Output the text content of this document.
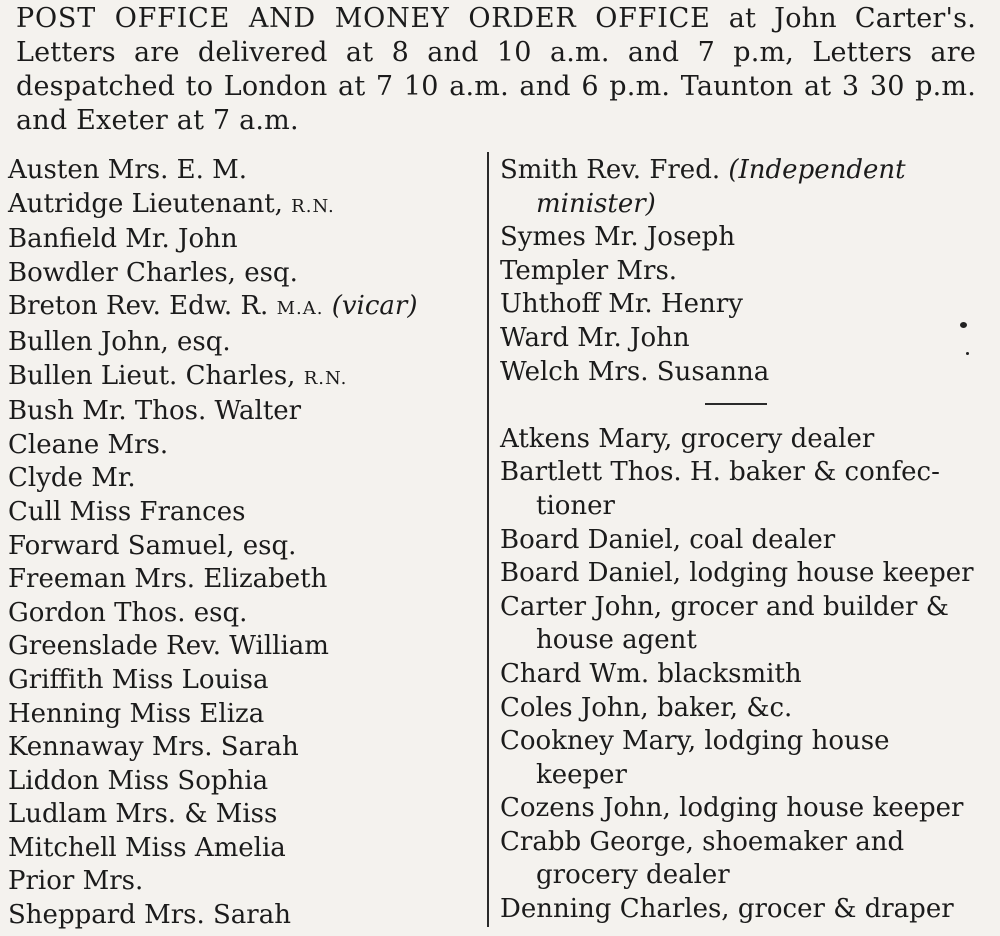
POST OFFICE AND MONEY ORDER OFFICE at John Carter's. Letters are delivered at 8 and 10 a.m. and 7 p.m, Letters are despatched to London at 7 10 a.m. and 6 p.m. Taunton at 3 30 p.m. and Exeter at 7 a.m.
Austen Mrs. E. M.
Autridge Lieutenant, R.N.
Banfield Mr. John
Bowdler Charles, esq.
Breton Rev. Edw. R. M.A. (vicar)
Bullen John, esq.
Bullen Lieut. Charles, R.N.
Bush Mr. Thos. Walter
Cleane Mrs.
Clyde Mr.
Cull Miss Frances
Forward Samuel, esq.
Freeman Mrs. Elizabeth
Gordon Thos. esq.
Greenslade Rev. William
Griffith Miss Louisa
Henning Miss Eliza
Kennaway Mrs. Sarah
Liddon Miss Sophia
Ludlam Mrs. & Miss
Mitchell Miss Amelia
Prior Mrs.
Sheppard Mrs. Sarah
Smith Rev. Fred. (Independent
minister)
Symes Mr. Joseph
Templer Mrs.
Uhthoff Mr. Henry
Ward Mr. John
Welch Mrs. Susanna
Atkens Mary, grocery dealer
Bartlett Thos. H. baker & confec-
tioner
Board Daniel, coal dealer
Board Daniel, lodging house keeper
Carter John, grocer and builder &
house agent
Chard Wm. blacksmith
Coles John, baker, &c.
Cookney Mary, lodging house
keeper
Cozens John, lodging house keeper
Crabb George, shoemaker and
grocery dealer
Denning Charles, grocer & draper
